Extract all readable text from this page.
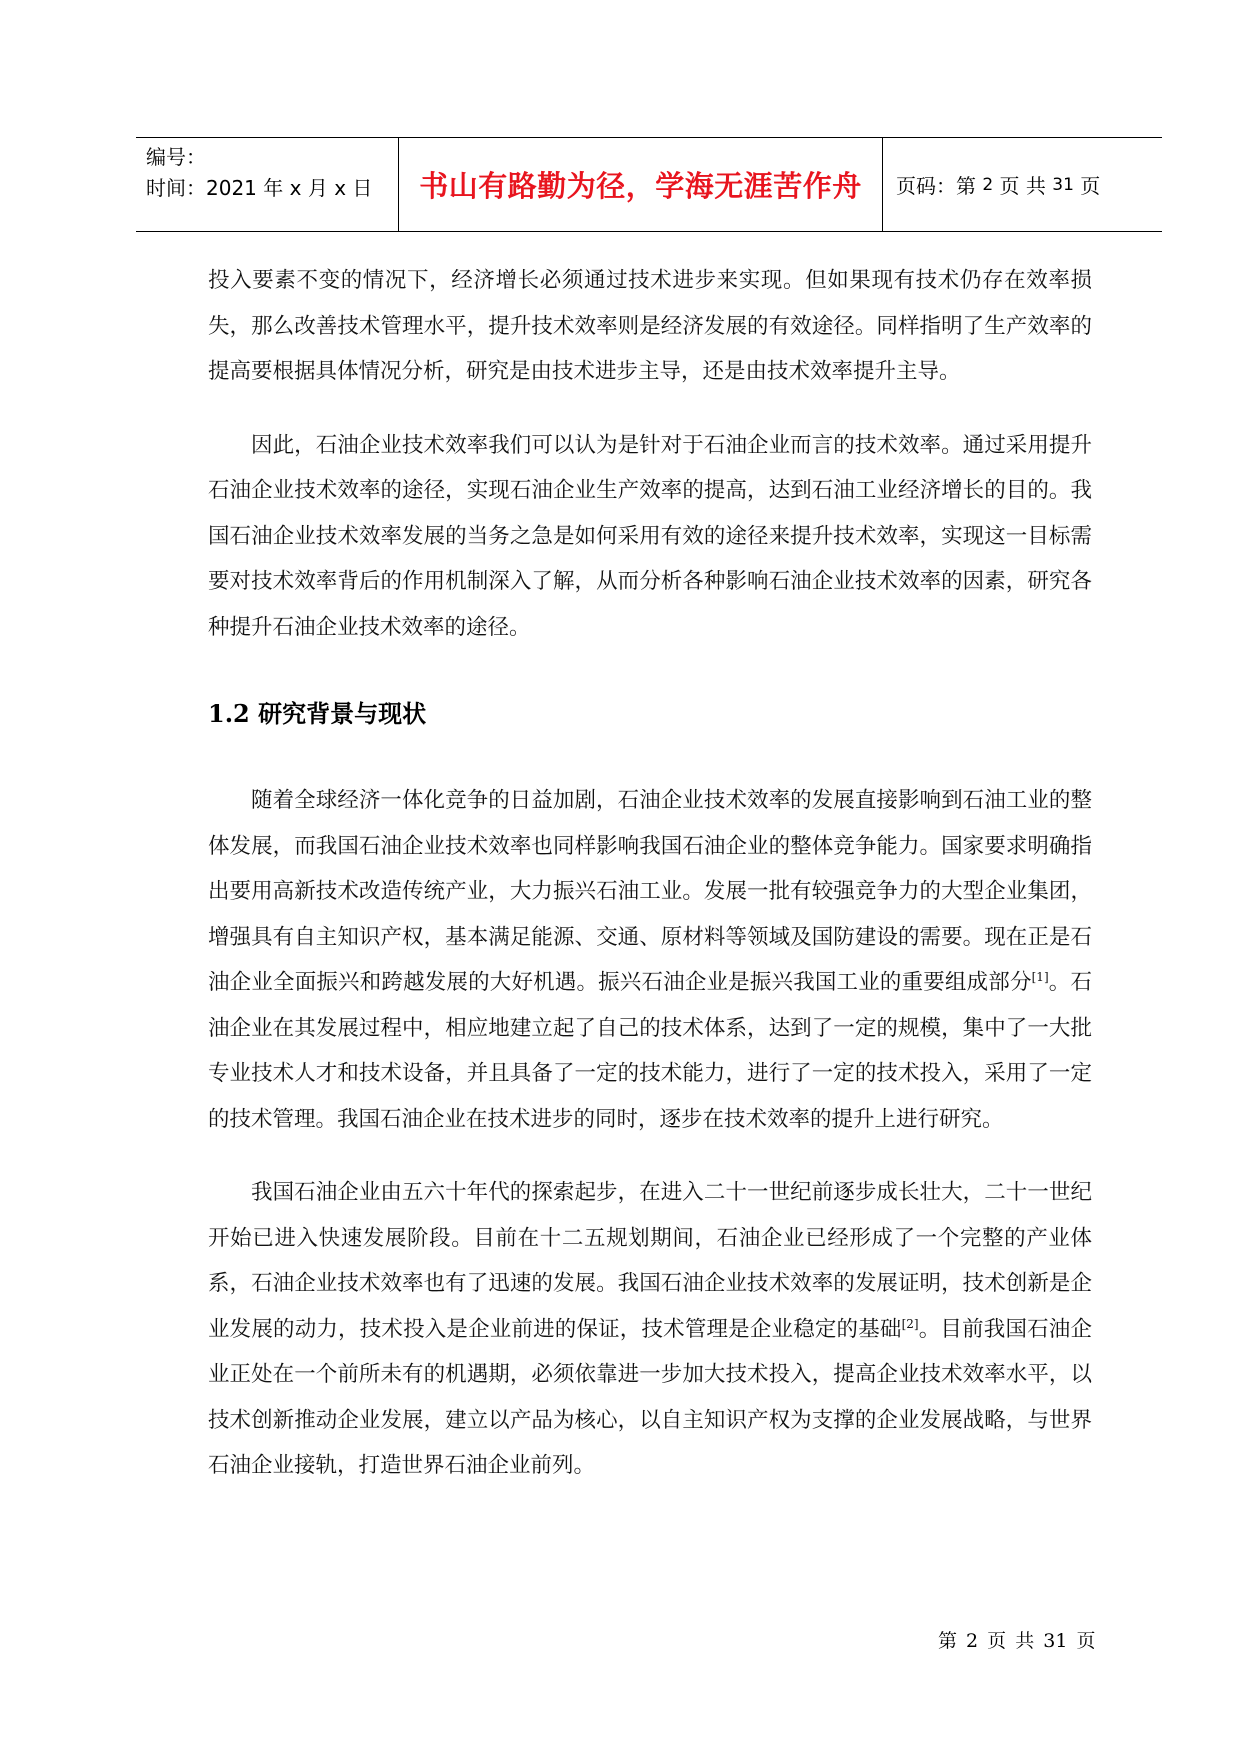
编号：
时间：2021 年 x 月 x 日	书山有路勤为径，学海无涯苦作舟	页码：第
2
页 共
31
页

投入要素不变的情况下，经济增长必须通过技术进步来实现。但如果现有技术仍存在效率损失，那么改善技术管理水平，提升技术效率则是经济发展的有效途径。同样指明了生产效率的提高要根据具体情况分析，研究是由技术进步主导，还是由技术效率提升主导。

因此，石油企业技术效率我们可以认为是针对于石油企业而言的技术效率。通过采用提升石油企业技术效率的途径，实现石油企业生产效率的提高，达到石油工业经济增长的目的。我国石油企业技术效率发展的当务之急是如何采用有效的途径来提升技术效率，实现这一目标需要对技术效率背后的作用机制深入了解，从而分析各种影响石油企业技术效率的因素，研究各种提升石油企业技术效率的途径。

1.2 研究背景与现状

随着全球经济一体化竞争的日益加剧，石油企业技术效率的发展直接影响到石油工业的整体发展，而我国石油企业技术效率也同样影响我国石油企业的整体竞争能力。国家要求明确指出要用高新技术改造传统产业，大力振兴石油工业。发展一批有较强竞争力的大型企业集团，增强具有自主知识产权，基本满足能源、交通、原材料等领域及国防建设的需要。现在正是石油企业全面振兴和跨越发展的大好机遇。振兴石油企业是振兴我国工业的重要组成部分[1]。石油企业在其发展过程中，相应地建立起了自己的技术体系，达到了一定的规模，集中了一大批专业技术人才和技术设备，并且具备了一定的技术能力，进行了一定的技术投入，采用了一定的技术管理。我国石油企业在技术进步的同时，逐步在技术效率的提升上进行研究。

我国石油企业由五六十年代的探索起步，在进入二十一世纪前逐步成长壮大，二十一世纪开始已进入快速发展阶段。目前在十二五规划期间，石油企业已经形成了一个完整的产业体系，石油企业技术效率也有了迅速的发展。我国石油企业技术效率的发展证明，技术创新是企业发展的动力，技术投入是企业前进的保证，技术管理是企业稳定的基础[2]。目前我国石油企业正处在一个前所未有的机遇期，必须依靠进一步加大技术投入，提高企业技术效率水平，以技术创新推动企业发展，建立以产品为核心，以自主知识产权为支撑的企业发展战略，与世界石油企业接轨，打造世界石油企业前列。

第 2 页 共 31 页
